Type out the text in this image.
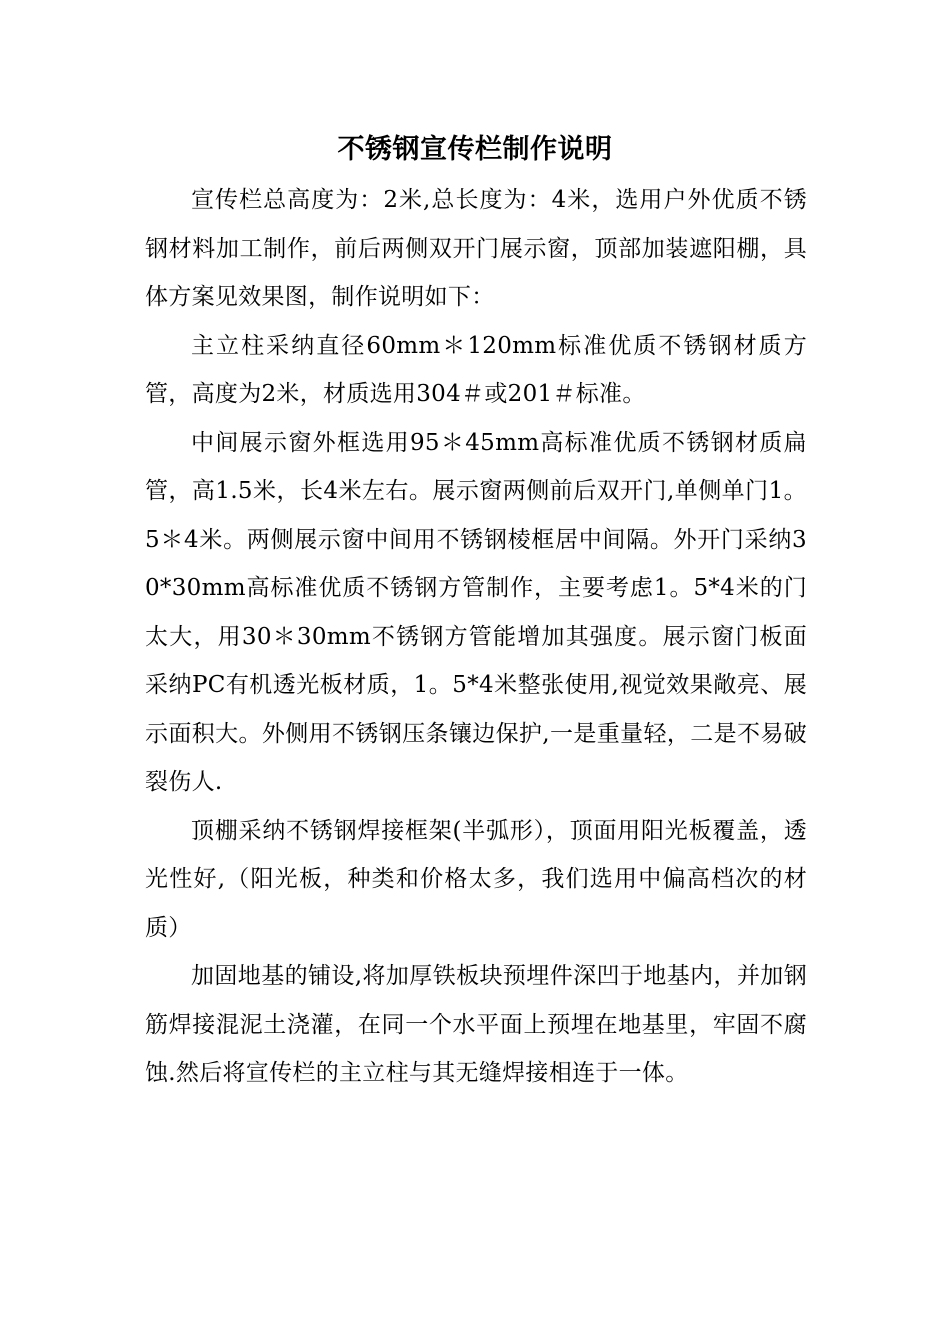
不锈钢宣传栏制作说明

宣传栏总高度为：2米,总长度为：4米，选用户外优质不锈钢材料加工制作，前后两侧双开门展示窗，顶部加装遮阳棚，具体方案见效果图，制作说明如下：

主立柱采纳直径60mm＊120mm标准优质不锈钢材质方管，高度为2米，材质选用304＃或201＃标准。

中间展示窗外框选用95＊45mm高标准优质不锈钢材质扁管，高1.5米，长4米左右。展示窗两侧前后双开门,单侧单门1。5＊4米。两侧展示窗中间用不锈钢棱框居中间隔。外开门采纳30*30mm高标准优质不锈钢方管制作，主要考虑1。5*4米的门太大，用30＊30mm不锈钢方管能增加其强度。展示窗门板面采纳PC有机透光板材质，1。5*4米整张使用,视觉效果敞亮、展示面积大。外侧用不锈钢压条镶边保护,一是重量轻，二是不易破裂伤人.

顶棚采纳不锈钢焊接框架(半弧形），顶面用阳光板覆盖，透光性好,（阳光板，种类和价格太多，我们选用中偏高档次的材质）

加固地基的铺设,将加厚铁板块预埋件深凹于地基内，并加钢筋焊接混泥土浇灌，在同一个水平面上预埋在地基里，牢固不腐蚀.然后将宣传栏的主立柱与其无缝焊接相连于一体。
